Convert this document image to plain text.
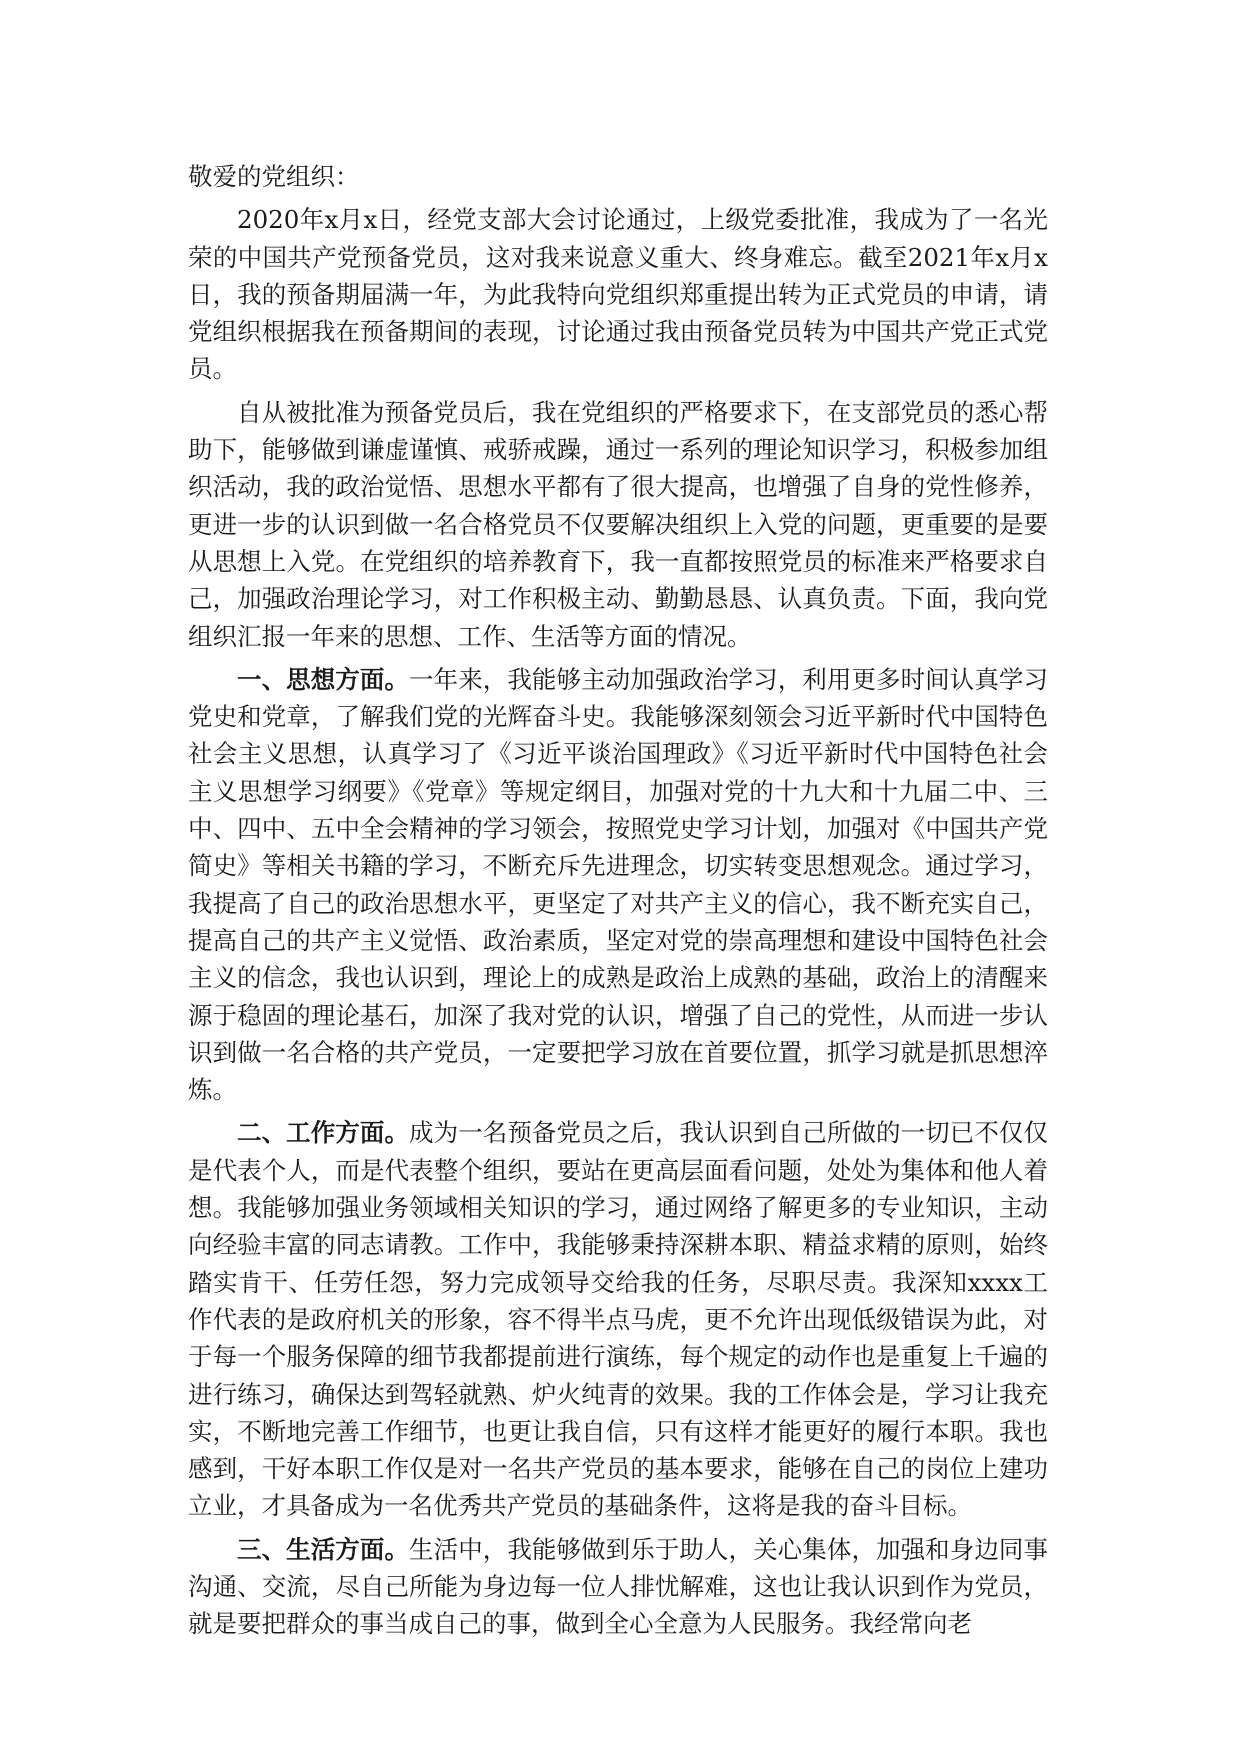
敬爱的党组织：

2020年x月x日，经党支部大会讨论通过，上级党委批准，我成为了一名光荣的中国共产党预备党员，这对我来说意义重大、终身难忘。截至2021年x月x日，我的预备期届满一年，为此我特向党组织郑重提出转为正式党员的申请，请党组织根据我在预备期间的表现，讨论通过我由预备党员转为中国共产党正式党员。

自从被批准为预备党员后，我在党组织的严格要求下，在支部党员的悉心帮助下，能够做到谦虚谨慎、戒骄戒躁，通过一系列的理论知识学习，积极参加组织活动，我的政治觉悟、思想水平都有了很大提高，也增强了自身的党性修养，更进一步的认识到做一名合格党员不仅要解决组织上入党的问题，更重要的是要从思想上入党。在党组织的培养教育下，我一直都按照党员的标准来严格要求自己，加强政治理论学习，对工作积极主动、勤勤恳恳、认真负责。下面，我向党组织汇报一年来的思想、工作、生活等方面的情况。

一、思想方面。一年来，我能够主动加强政治学习，利用更多时间认真学习党史和党章，了解我们党的光辉奋斗史。我能够深刻领会习近平新时代中国特色社会主义思想，认真学习了《习近平谈治国理政》《习近平新时代中国特色社会主义思想学习纲要》《党章》等规定纲目，加强对党的十九大和十九届二中、三中、四中、五中全会精神的学习领会，按照党史学习计划，加强对《中国共产党简史》等相关书籍的学习，不断充斥先进理念，切实转变思想观念。通过学习，我提高了自己的政治思想水平，更坚定了对共产主义的信心，我不断充实自己，提高自己的共产主义觉悟、政治素质，坚定对党的崇高理想和建设中国特色社会主义的信念，我也认识到，理论上的成熟是政治上成熟的基础，政治上的清醒来源于稳固的理论基石，加深了我对党的认识，增强了自己的党性，从而进一步认识到做一名合格的共产党员，一定要把学习放在首要位置，抓学习就是抓思想淬炼。

二、工作方面。成为一名预备党员之后，我认识到自己所做的一切已不仅仅是代表个人，而是代表整个组织，要站在更高层面看问题，处处为集体和他人着想。我能够加强业务领域相关知识的学习，通过网络了解更多的专业知识，主动向经验丰富的同志请教。工作中，我能够秉持深耕本职、精益求精的原则，始终踏实肯干、任劳任怨，努力完成领导交给我的任务，尽职尽责。我深知xxxx工作代表的是政府机关的形象，容不得半点马虎，更不允许出现低级错误为此，对于每一个服务保障的细节我都提前进行演练，每个规定的动作也是重复上千遍的进行练习，确保达到驾轻就熟、炉火纯青的效果。我的工作体会是，学习让我充实，不断地完善工作细节，也更让我自信，只有这样才能更好的履行本职。我也感到，干好本职工作仅是对一名共产党员的基本要求，能够在自己的岗位上建功立业，才具备成为一名优秀共产党员的基础条件，这将是我的奋斗目标。

三、生活方面。生活中，我能够做到乐于助人，关心集体，加强和身边同事沟通、交流，尽自己所能为身边每一位人排忧解难，这也让我认识到作为党员，就是要把群众的事当成自己的事，做到全心全意为人民服务。我经常向老
